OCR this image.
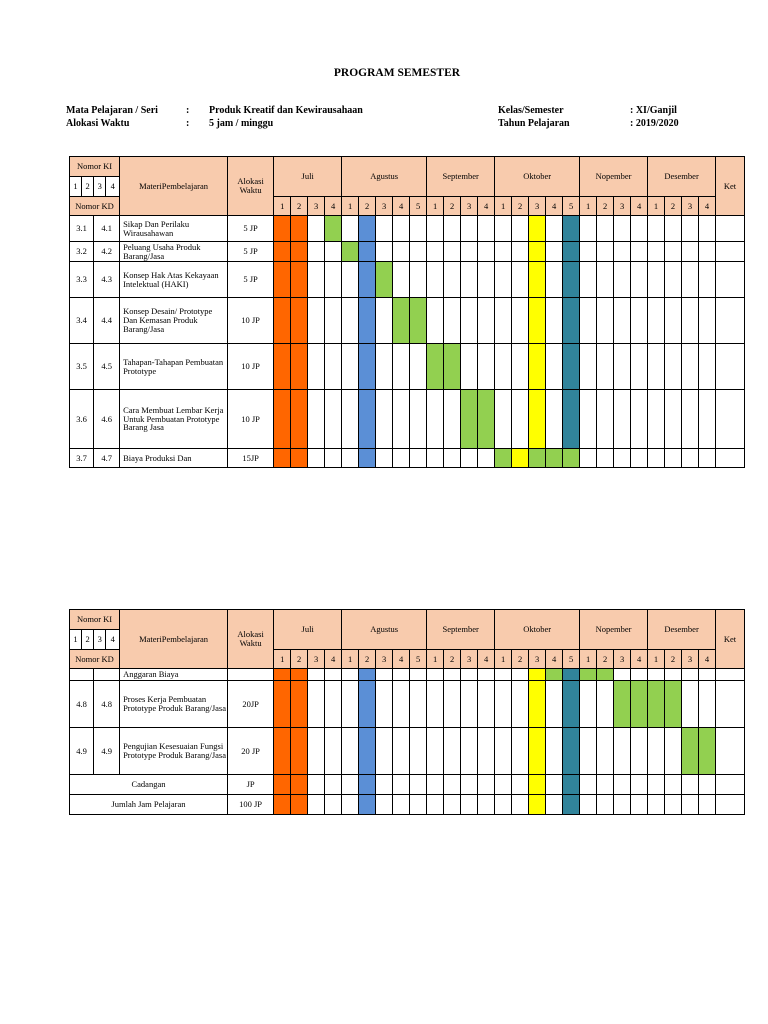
PROGRAM SEMESTER
Mata Pelajaran / Seri	: Produk Kreatif dan Kewirausahaan
Alokasi Waktu	: 5 jam / minggu
Kelas/Semester	: XI/Ganjil
Tahun Pelajaran	: 2019/2020
Nomor KI				MateriPembelajaran	Alokasi Waktu	Juli				Agustus					September				Oktober					Nopember				Desember				Ket
1	2	3	4																													
Nomor KD						1	2	3	4	1	2	3	4	5	1	2	3	4	1	2	3	4	5	1	2	3	4	1	2	3	4	
3.1		4.1		Sikap Dan Perilaku Wirausahawan	5 JP																											
3.2		4.2		Peluang Usaha Produk Barang/Jasa	5 JP																											
3.3		4.3		Konsep Hak Atas Kekayaan Intelektual (HAKI)	5 JP																											
3.4		4.4		Konsep Desain/ Prototype Dan Kemasan Produk Barang/Jasa	10 JP																											
3.5		4.5		Tahapan-Tahapan Pembuatan Prototype	10 JP																											
3.6		4.6		Cara Membuat Lembar Kerja Untuk Pembuatan Prototype Barang Jasa	10 JP																											
3.7		4.7		Biaya Produksi Dan	15JP																											
Nomor KI				MateriPembelajaran	Alokasi Waktu	Juli				Agustus					September				Oktober					Nopember				Desember				Ket
1	2	3	4																													
Nomor KD						1	2	3	4	1	2	3	4	5	1	2	3	4	1	2	3	4	5	1	2	3	4	1	2	3	4	
				Anggaran Biaya																												
4.8		4.8		Proses Kerja Pembuatan Prototype Produk Barang/Jasa	20JP																											
4.9		4.9		Pengujian Kesesuaian Fungsi Prototype Produk Barang/Jasa	20 JP																											
Cadangan					JP																											
Jumlah Jam Pelajaran					100 JP																											
